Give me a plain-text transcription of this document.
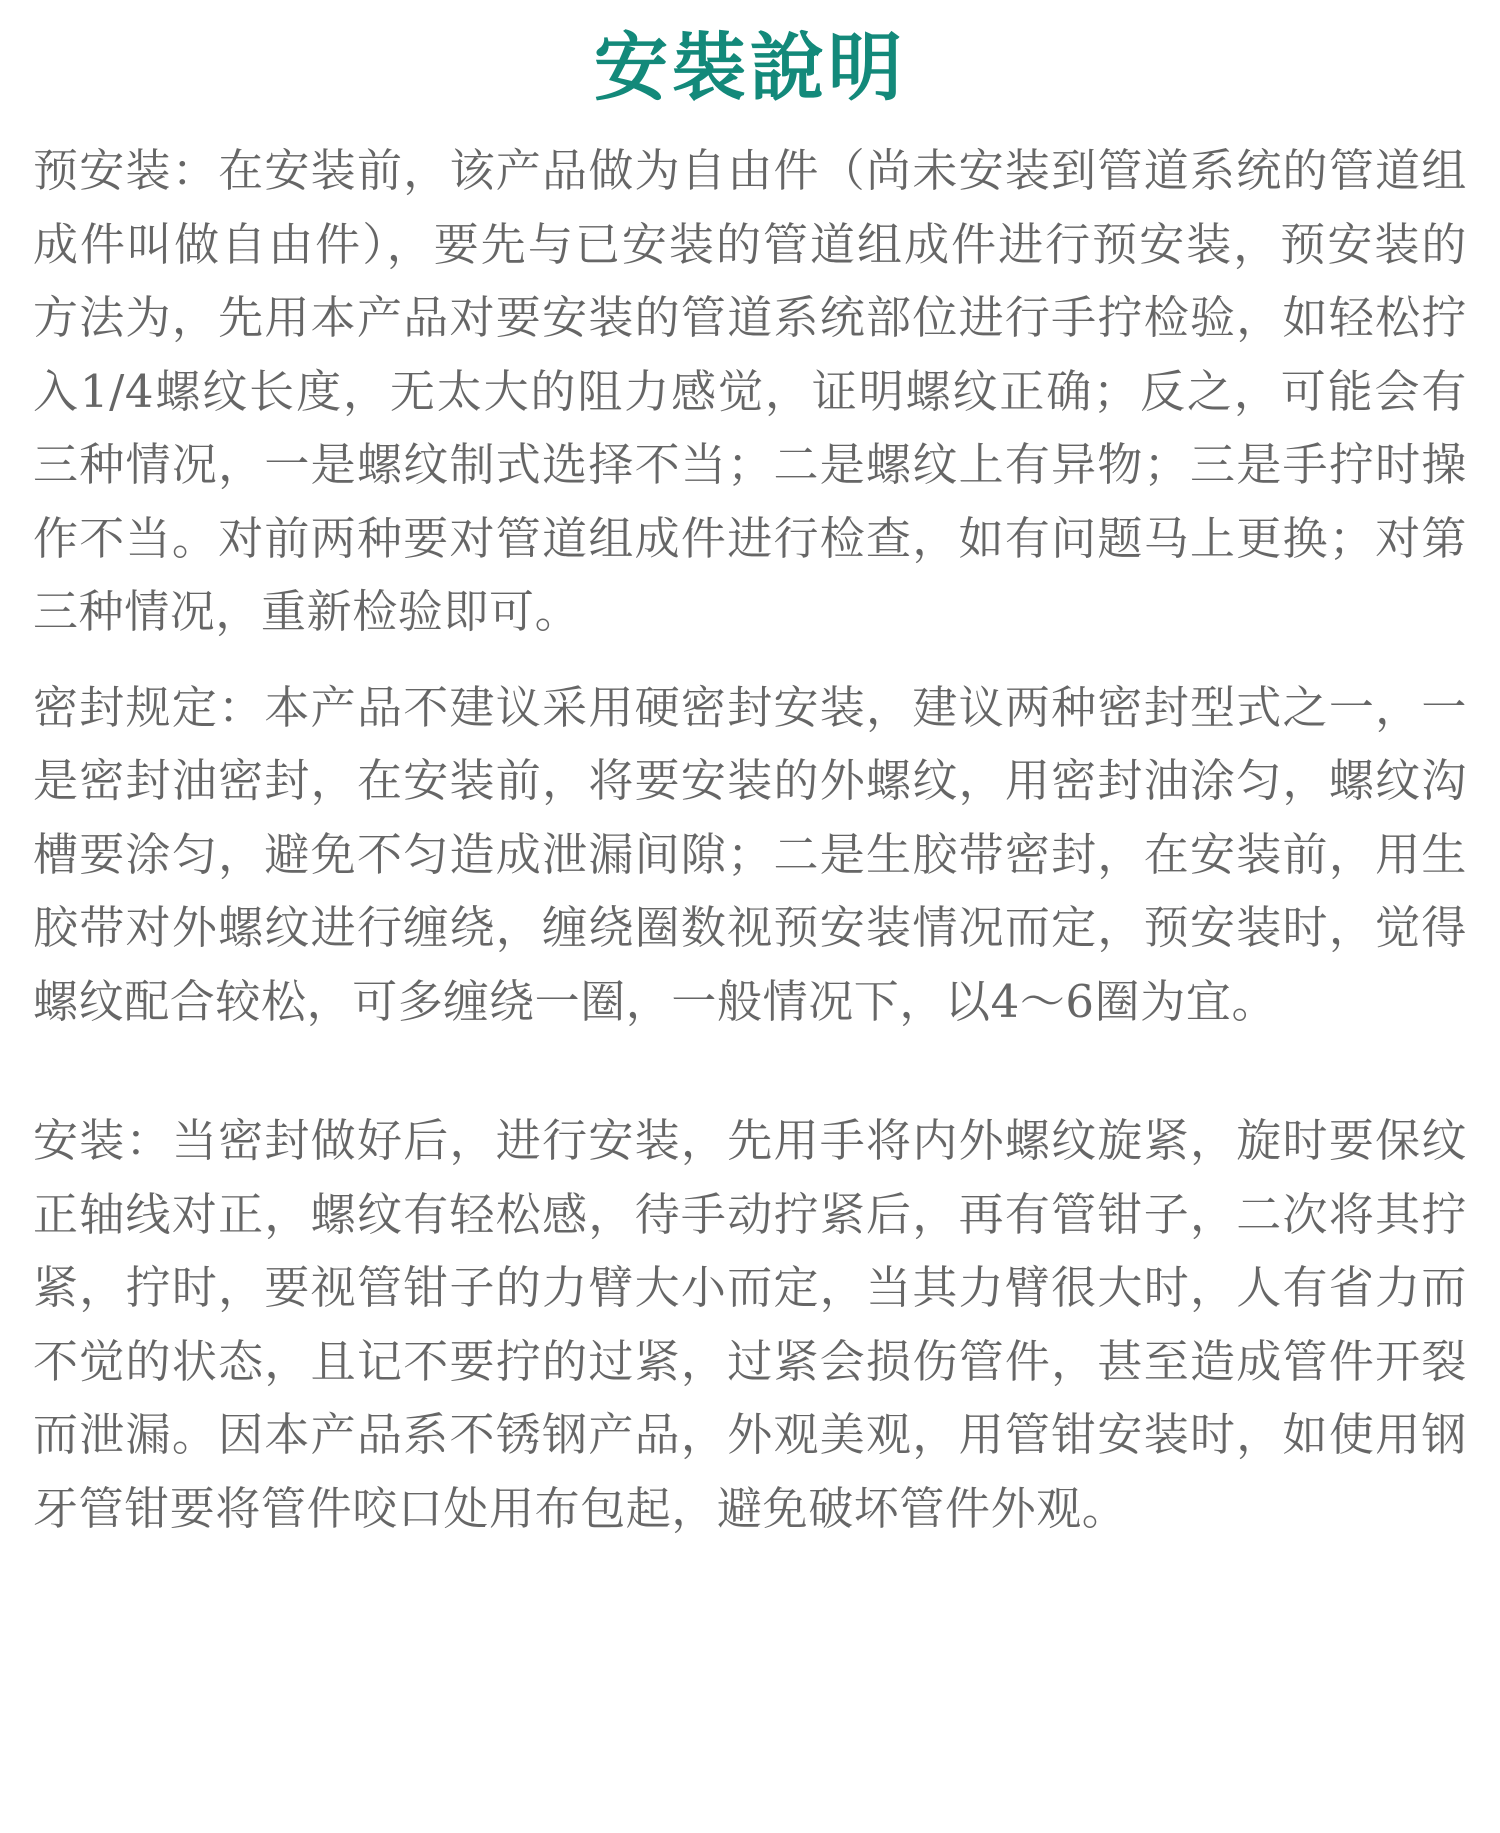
安裝說明

预安装：在安装前，该产品做为自由件（尚未安装到管道系统的管道组成件叫做自由件），要先与已安装的管道组成件进行预安装，预安装的方法为，先用本产品对要安装的管道系统部位进行手拧检验，如轻松拧入1/4螺纹长度，无太大的阻力感觉，证明螺纹正确；反之，可能会有三种情况，一是螺纹制式选择不当；二是螺纹上有异物；三是手拧时操作不当。对前两种要对管道组成件进行检查，如有问题马上更换；对第三种情况，重新检验即可。

密封规定：本产品不建议采用硬密封安装，建议两种密封型式之一，一是密封油密封，在安装前，将要安装的外螺纹，用密封油涂匀，螺纹沟槽要涂匀，避免不匀造成泄漏间隙；二是生胶带密封，在安装前，用生胶带对外螺纹进行缠绕，缠绕圈数视预安装情况而定，预安装时，觉得螺纹配合较松，可多缠绕一圈，一般情况下，以4～6圈为宜。

安装：当密封做好后，进行安装，先用手将内外螺纹旋紧，旋时要保纹正轴线对正，螺纹有轻松感，待手动拧紧后，再有管钳子，二次将其拧紧，拧时，要视管钳子的力臂大小而定，当其力臂很大时，人有省力而不觉的状态，且记不要拧的过紧，过紧会损伤管件，甚至造成管件开裂而泄漏。因本产品系不锈钢产品，外观美观，用管钳安装时，如使用钢牙管钳要将管件咬口处用布包起，避免破坏管件外观。
